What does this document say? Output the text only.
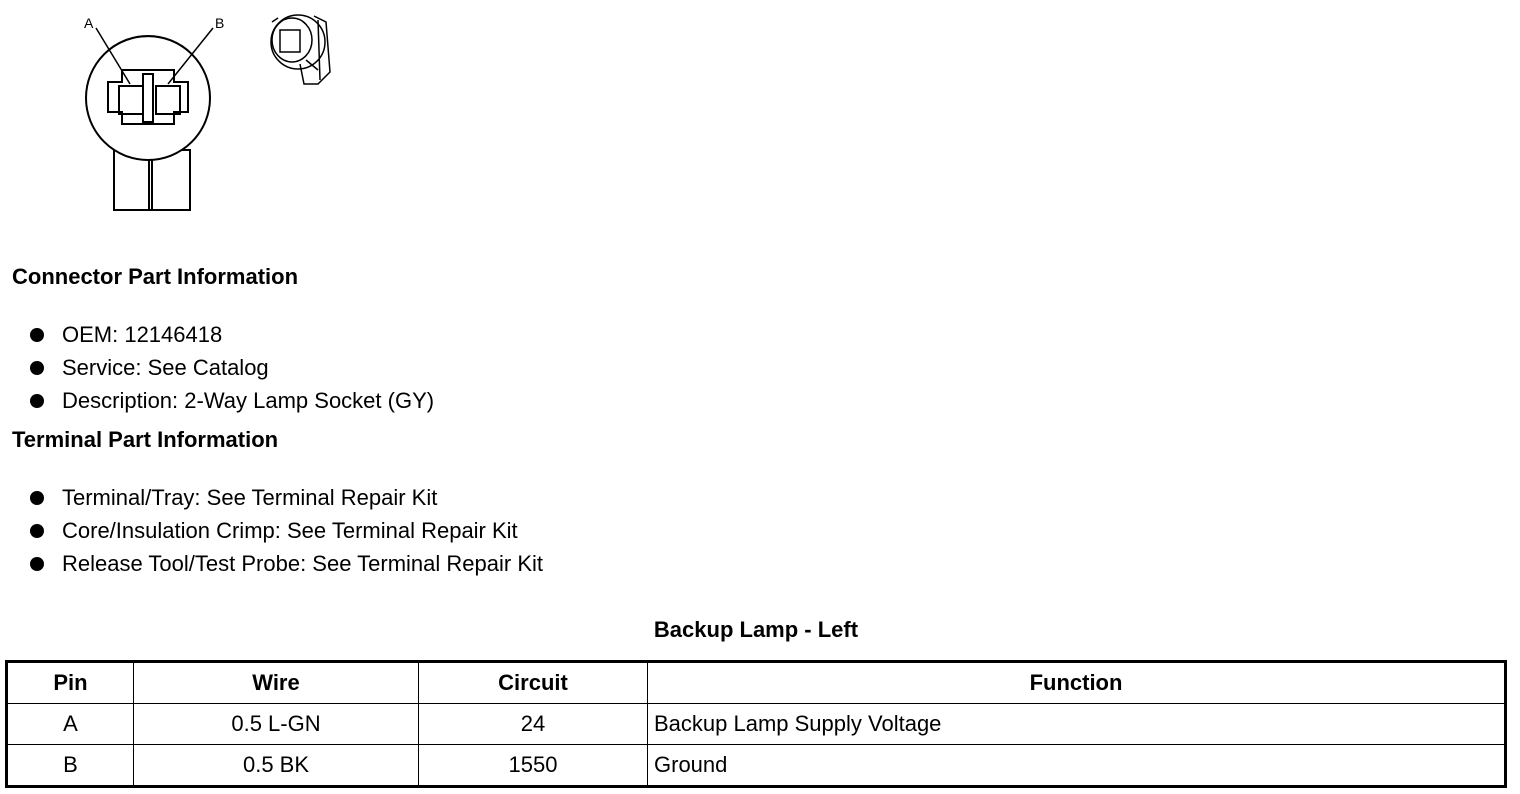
A	B
Connector Part Information
OEM: 12146418
Service: See Catalog
Description: 2-Way Lamp Socket (GY)
Terminal Part Information
Terminal/Tray: See Terminal Repair Kit
Core/Insulation Crimp: See Terminal Repair Kit
Release Tool/Test Probe: See Terminal Repair Kit
Backup Lamp - Left
Pin	Wire	Circuit	Function
A	0.5 L-GN	24	Backup Lamp Supply Voltage
B	0.5 BK	1550	Ground
